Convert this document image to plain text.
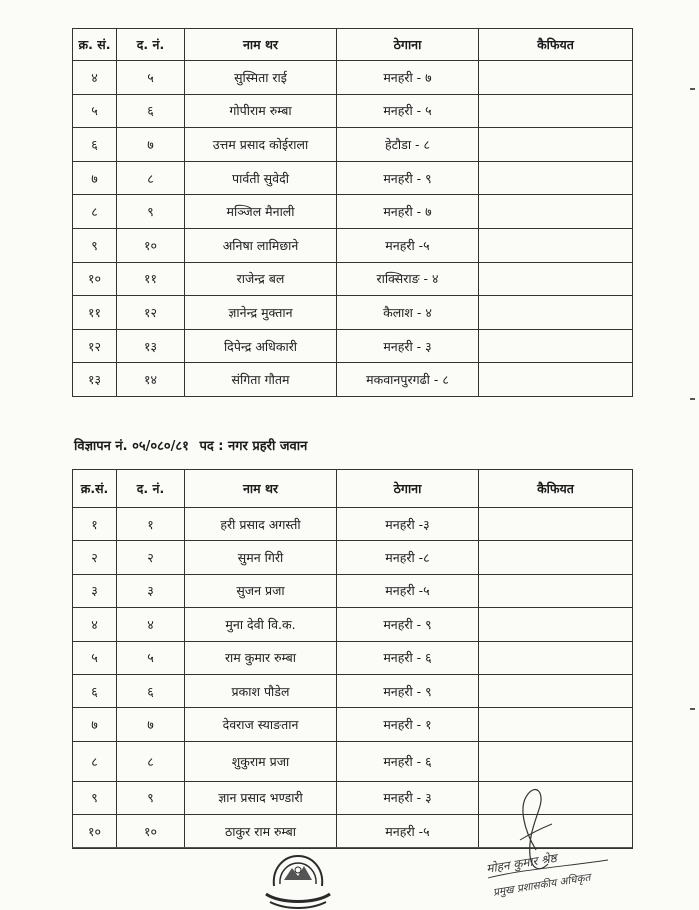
क्र. सं.	द. नं.	नाम थर	ठेगाना	कैफियत
४	५	सुस्मिता राई	मनहरी - ७	
५	६	गोपीराम रुम्बा	मनहरी - ५	
६	७	उत्तम प्रसाद कोईराला	हेटौडा - ८	
७	८	पार्वती सुवेदी	मनहरी - ९	
८	९	मञ्जिल मैनाली	मनहरी - ७	
९	१०	अनिषा लामिछाने	मनहरी -५	
१०	११	राजेन्द्र बल	राक्सिराङ - ४	
११	१२	ज्ञानेन्द्र मुक्तान	कैलाश - ४	
१२	१३	दिपेन्द्र अधिकारी	मनहरी - ३	
१३	१४	संगिता गौतम	मकवानपुरगढी - ८	
विज्ञापन नं. ०५/०८०/८१ पद : नगर प्रहरी जवान
क्र.सं.	द. नं.	नाम थर	ठेगाना	कैफियत
१	१	हरी प्रसाद अगस्ती	मनहरी -३	
२	२	सुमन गिरी	मनहरी -८	
३	३	सुजन प्रजा	मनहरी -५	
४	४	मुना देवी वि.क.	मनहरी - ९	
५	५	राम कुमार रुम्बा	मनहरी - ६	
६	६	प्रकाश पौडेल	मनहरी - ९	
७	७	देवराज स्याङतान	मनहरी - १	
८	८	शुकुराम प्रजा	मनहरी - ६	
९	९	ज्ञान प्रसाद भण्डारी	मनहरी - ३	
१०	१०	ठाकुर राम रुम्बा	मनहरी -५	
मोहन कुमार श्रेष्ठ
प्रमुख प्रशासकीय अधिकृत
